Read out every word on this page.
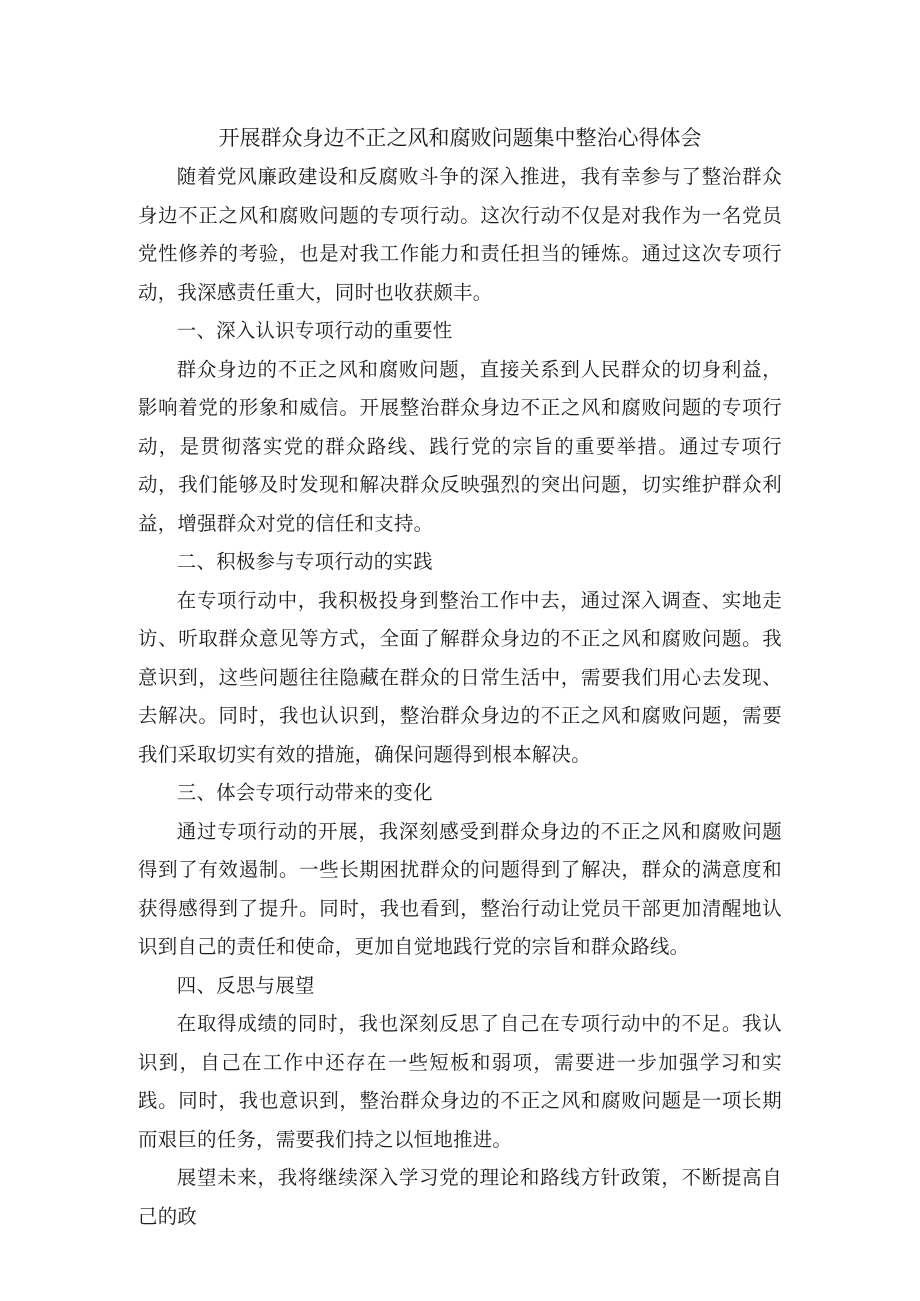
开展群众身边不正之风和腐败问题集中整治心得体会

随着党风廉政建设和反腐败斗争的深入推进，我有幸参与了整治群众身边不正之风和腐败问题的专项行动。这次行动不仅是对我作为一名党员党性修养的考验，也是对我工作能力和责任担当的锤炼。通过这次专项行动，我深感责任重大，同时也收获颇丰。

一、深入认识专项行动的重要性

群众身边的不正之风和腐败问题，直接关系到人民群众的切身利益，影响着党的形象和威信。开展整治群众身边不正之风和腐败问题的专项行动，是贯彻落实党的群众路线、践行党的宗旨的重要举措。通过专项行动，我们能够及时发现和解决群众反映强烈的突出问题，切实维护群众利益，增强群众对党的信任和支持。

二、积极参与专项行动的实践

在专项行动中，我积极投身到整治工作中去，通过深入调查、实地走访、听取群众意见等方式，全面了解群众身边的不正之风和腐败问题。我意识到，这些问题往往隐藏在群众的日常生活中，需要我们用心去发现、去解决。同时，我也认识到，整治群众身边的不正之风和腐败问题，需要我们采取切实有效的措施，确保问题得到根本解决。

三、体会专项行动带来的变化

通过专项行动的开展，我深刻感受到群众身边的不正之风和腐败问题得到了有效遏制。一些长期困扰群众的问题得到了解决，群众的满意度和获得感得到了提升。同时，我也看到，整治行动让党员干部更加清醒地认识到自己的责任和使命，更加自觉地践行党的宗旨和群众路线。

四、反思与展望

在取得成绩的同时，我也深刻反思了自己在专项行动中的不足。我认识到，自己在工作中还存在一些短板和弱项，需要进一步加强学习和实践。同时，我也意识到，整治群众身边的不正之风和腐败问题是一项长期而艰巨的任务，需要我们持之以恒地推进。

展望未来，我将继续深入学习党的理论和路线方针政策，不断提高自己的政
